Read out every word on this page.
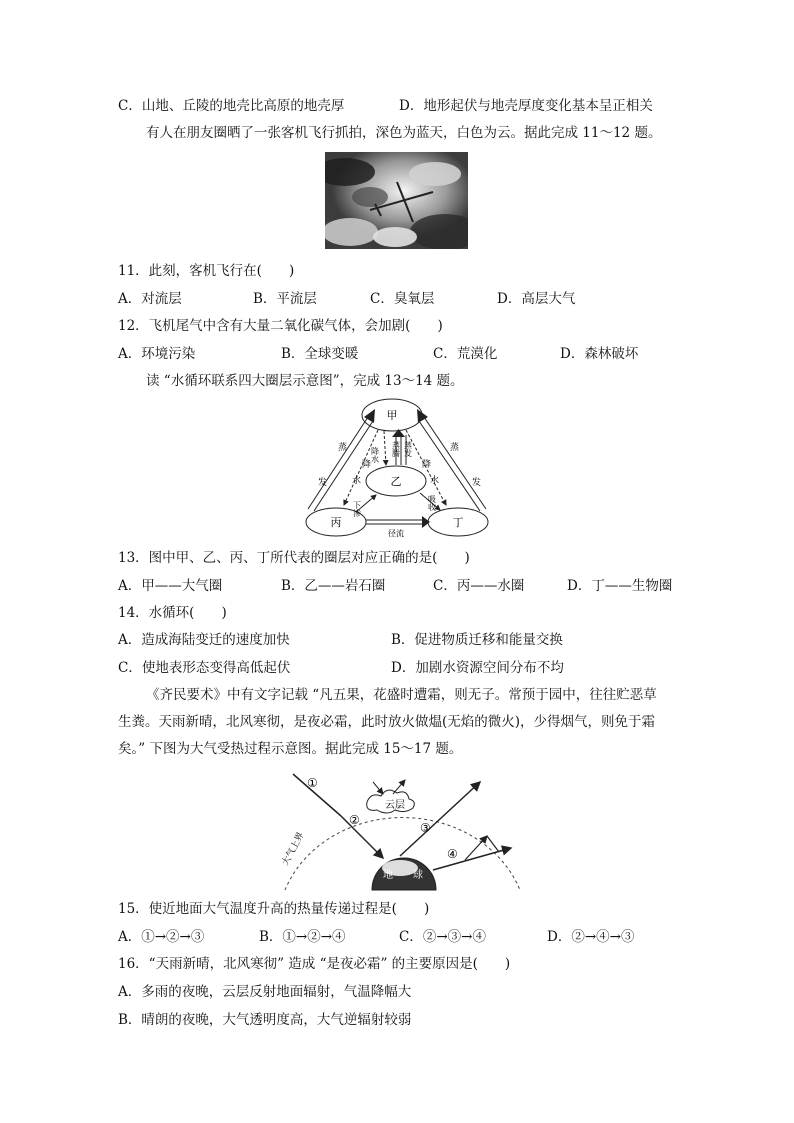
C．山地、丘陵的地壳比高原的地壳厚	D．地形起伏与地壳厚度变化基本呈正相关
有人在朋友圈晒了一张客机飞行抓拍，深色为蓝天，白色为云。据此完成 11～12 题。
11．此刻，客机飞行在(　　)
A．对流层	B．平流层	C．臭氧层	D．高层大气
12．飞机尾气中含有大量二氧化碳气体，会加剧(　　)
A．环境污染	B．全球变暖	C．荒漠化	D．森林破坏
读 “水循环联系四大圈层示意图”，完成 13～14 题。
甲
乙
丙	丁
蒸
发
蒸
发
降
水
降
水
降水 蒸腾 蒸发
下渗	吸收
径流
13．图中甲、乙、丙、丁所代表的圈层对应正确的是(　　)
A．甲——大气圈	B．乙——岩石圈	C．丙——水圈	D．丁——生物圈
14．水循环(　　)
A．造成海陆变迁的速度加快	B．促进物质迁移和能量交换
C．使地表形态变得高低起伏	D．加剧水资源空间分布不均
《齐民要术》中有文字记载 “凡五果，花盛时遭霜，则无子。常预于园中，往往贮恶草
生粪。天雨新晴，北风寒彻，是夜必霜，此时放火做煴(无焰的微火)，少得烟气，则免于霜
矣。” 下图为大气受热过程示意图。据此完成 15～17 题。
①
②
③
④
云层
大气上界
地 球
15．使近地面大气温度升高的热量传递过程是(　　)
A．①→②→③	B．①→②→④	C．②→③→④	D．②→④→③
16．“天雨新晴，北风寒彻” 造成 “是夜必霜” 的主要原因是(　　)
A．多雨的夜晚，云层反射地面辐射，气温降幅大
B．晴朗的夜晚，大气透明度高，大气逆辐射较弱
